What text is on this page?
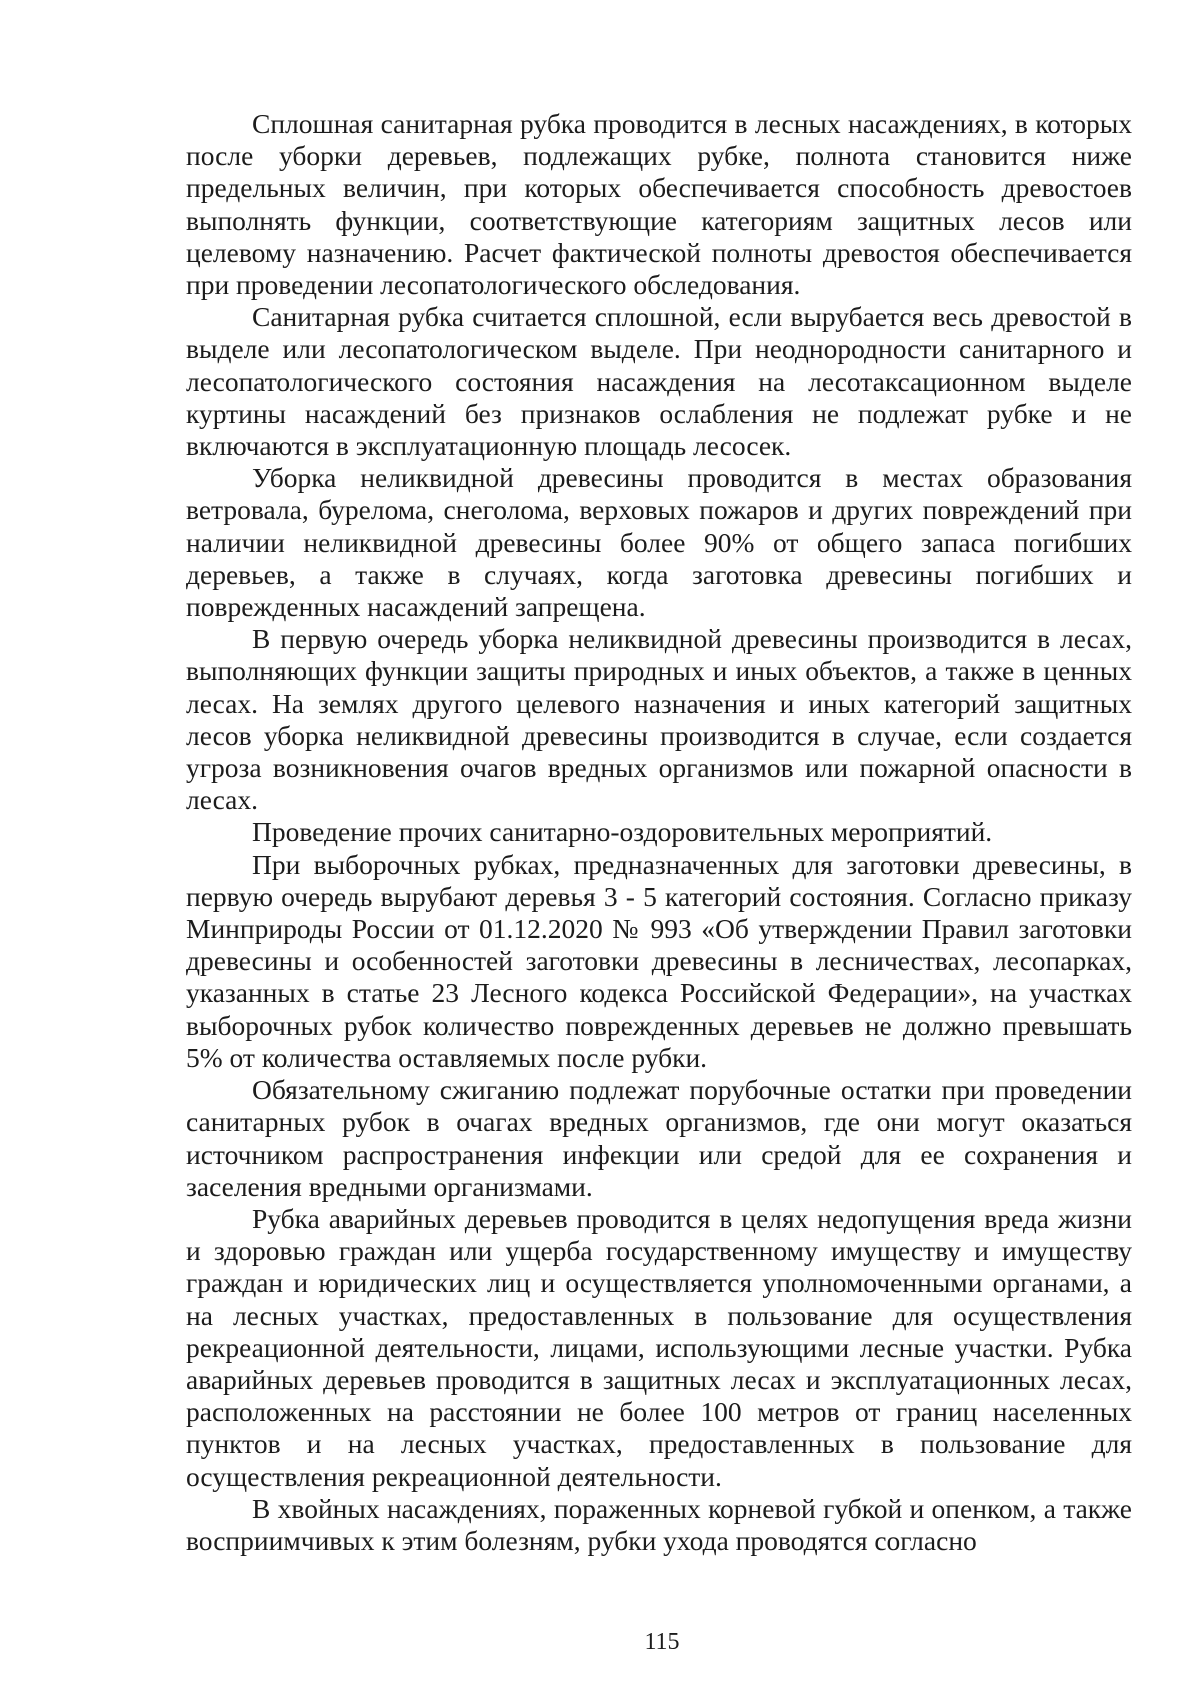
Сплошная санитарная рубка проводится в лесных насаждениях, в которых после уборки деревьев, подлежащих рубке, полнота становится ниже предельных величин, при которых обеспечивается способность древостоев выполнять функции, соответствующие категориям защитных лесов или целевому назначению. Расчет фактической полноты древостоя обеспечивается при проведении лесопатологического обследования.

Санитарная рубка считается сплошной, если вырубается весь древостой в выделе или лесопатологическом выделе. При неоднородности санитарного и лесопатологического состояния насаждения на лесотаксационном выделе куртины насаждений без признаков ослабления не подлежат рубке и не включаются в эксплуатационную площадь лесосек.

Уборка неликвидной древесины проводится в местах образования ветровала, бурелома, снеголома, верховых пожаров и других повреждений при наличии неликвидной древесины более 90% от общего запаса погибших деревьев, а также в случаях, когда заготовка древесины погибших и поврежденных насаждений запрещена.

В первую очередь уборка неликвидной древесины производится в лесах, выполняющих функции защиты природных и иных объектов, а также в ценных лесах. На землях другого целевого назначения и иных категорий защитных лесов уборка неликвидной древесины производится в случае, если создается угроза возникновения очагов вредных организмов или пожарной опасности в лесах.

Проведение прочих санитарно-оздоровительных мероприятий.

При выборочных рубках, предназначенных для заготовки древесины, в первую очередь вырубают деревья 3 - 5 категорий состояния. Согласно приказу Минприроды России от 01.12.2020 № 993 «Об утверждении Правил заготовки древесины и особенностей заготовки древесины в лесничествах, лесопарках, указанных в статье 23 Лесного кодекса Российской Федерации», на участках выборочных рубок количество поврежденных деревьев не должно превышать 5% от количества оставляемых после рубки.

Обязательному сжиганию подлежат порубочные остатки при проведении санитарных рубок в очагах вредных организмов, где они могут оказаться источником распространения инфекции или средой для ее сохранения и заселения вредными организмами.

Рубка аварийных деревьев проводится в целях недопущения вреда жизни и здоровью граждан или ущерба государственному имуществу и имуществу граждан и юридических лиц и осуществляется уполномоченными органами, а на лесных участках, предоставленных в пользование для осуществления рекреационной деятельности, лицами, использующими лесные участки. Рубка аварийных деревьев проводится в защитных лесах и эксплуатационных лесах, расположенных на расстоянии не более 100 метров от границ населенных пунктов и на лесных участках, предоставленных в пользование для осуществления рекреационной деятельности.

В хвойных насаждениях, пораженных корневой губкой и опенком, а также восприимчивых к этим болезням, рубки ухода проводятся согласно

115
